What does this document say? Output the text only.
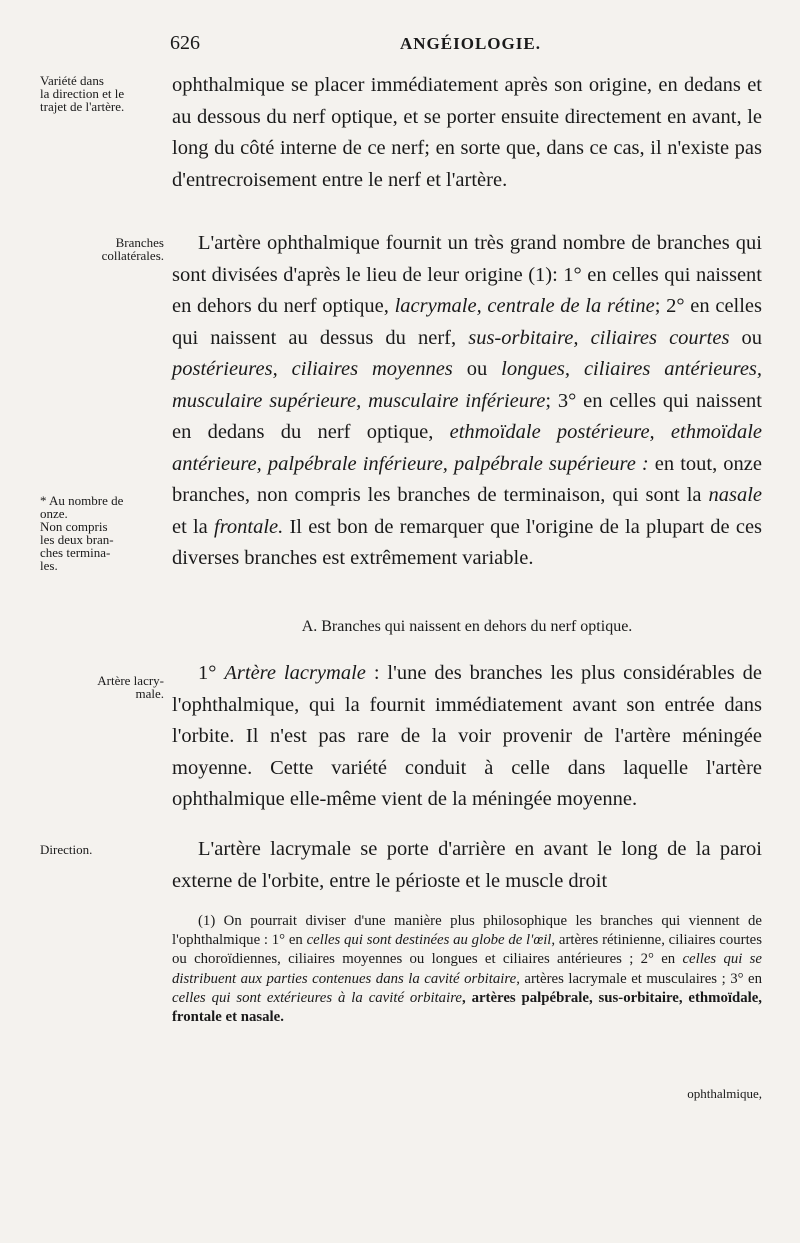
626	ANGÉIOLOGIE.
Variété dans
la direction et le
trajet de l'artère.
Branches
collatérales.
* Au nombre de
onze.
Non compris
les deux bran-
ches termina-
les.
Artère lacry-
male.
Direction.

ophthalmique se placer immédiatement après son origine, en dedans et au dessous du nerf optique, et se porter ensuite directement en avant, le long du côté interne de ce nerf; en sorte que, dans ce cas, il n'existe pas d'entrecroisement entre le nerf et l'artère.

L'artère ophthalmique fournit un très grand nombre de branches qui sont divisées d'après le lieu de leur origine (1): 1° en celles qui naissent en dehors du nerf optique, lacrymale, centrale de la rétine; 2° en celles qui naissent au dessus du nerf, sus-orbitaire, ciliaires courtes ou postérieures, ciliaires moyennes ou longues, ciliaires antérieures, musculaire supérieure, musculaire inférieure; 3° en celles qui naissent en dedans du nerf optique, ethmoïdale postérieure, ethmoïdale antérieure, palpébrale inférieure, palpébrale supérieure : en tout, onze branches, non compris les branches de terminaison, qui sont la nasale et la frontale. Il est bon de remarquer que l'origine de la plupart de ces diverses branches est extrêmement variable.

A. Branches qui naissent en dehors du nerf optique.

1° Artère lacrymale : l'une des branches les plus considérables de l'ophthalmique, qui la fournit immédiatement avant son entrée dans l'orbite. Il n'est pas rare de la voir provenir de l'artère méningée moyenne. Cette variété conduit à celle dans laquelle l'artère ophthalmique elle-même vient de la méningée moyenne.

L'artère lacrymale se porte d'arrière en avant le long de la paroi externe de l'orbite, entre le périoste et le muscle droit

(1) On pourrait diviser d'une manière plus philosophique les branches qui viennent de l'ophthalmique : 1° en celles qui sont destinées au globe de l'œil, artères rétinienne, ciliaires courtes ou choroïdiennes, ciliaires moyennes ou longues et ciliaires antérieures ; 2° en celles qui se distribuent aux parties contenues dans la cavité orbitaire, artères lacrymale et musculaires ; 3° en celles qui sont extérieures à la cavité orbitaire, artères palpébrale, sus-orbitaire, ethmoïdale, frontale et nasale.

ophthalmique,
